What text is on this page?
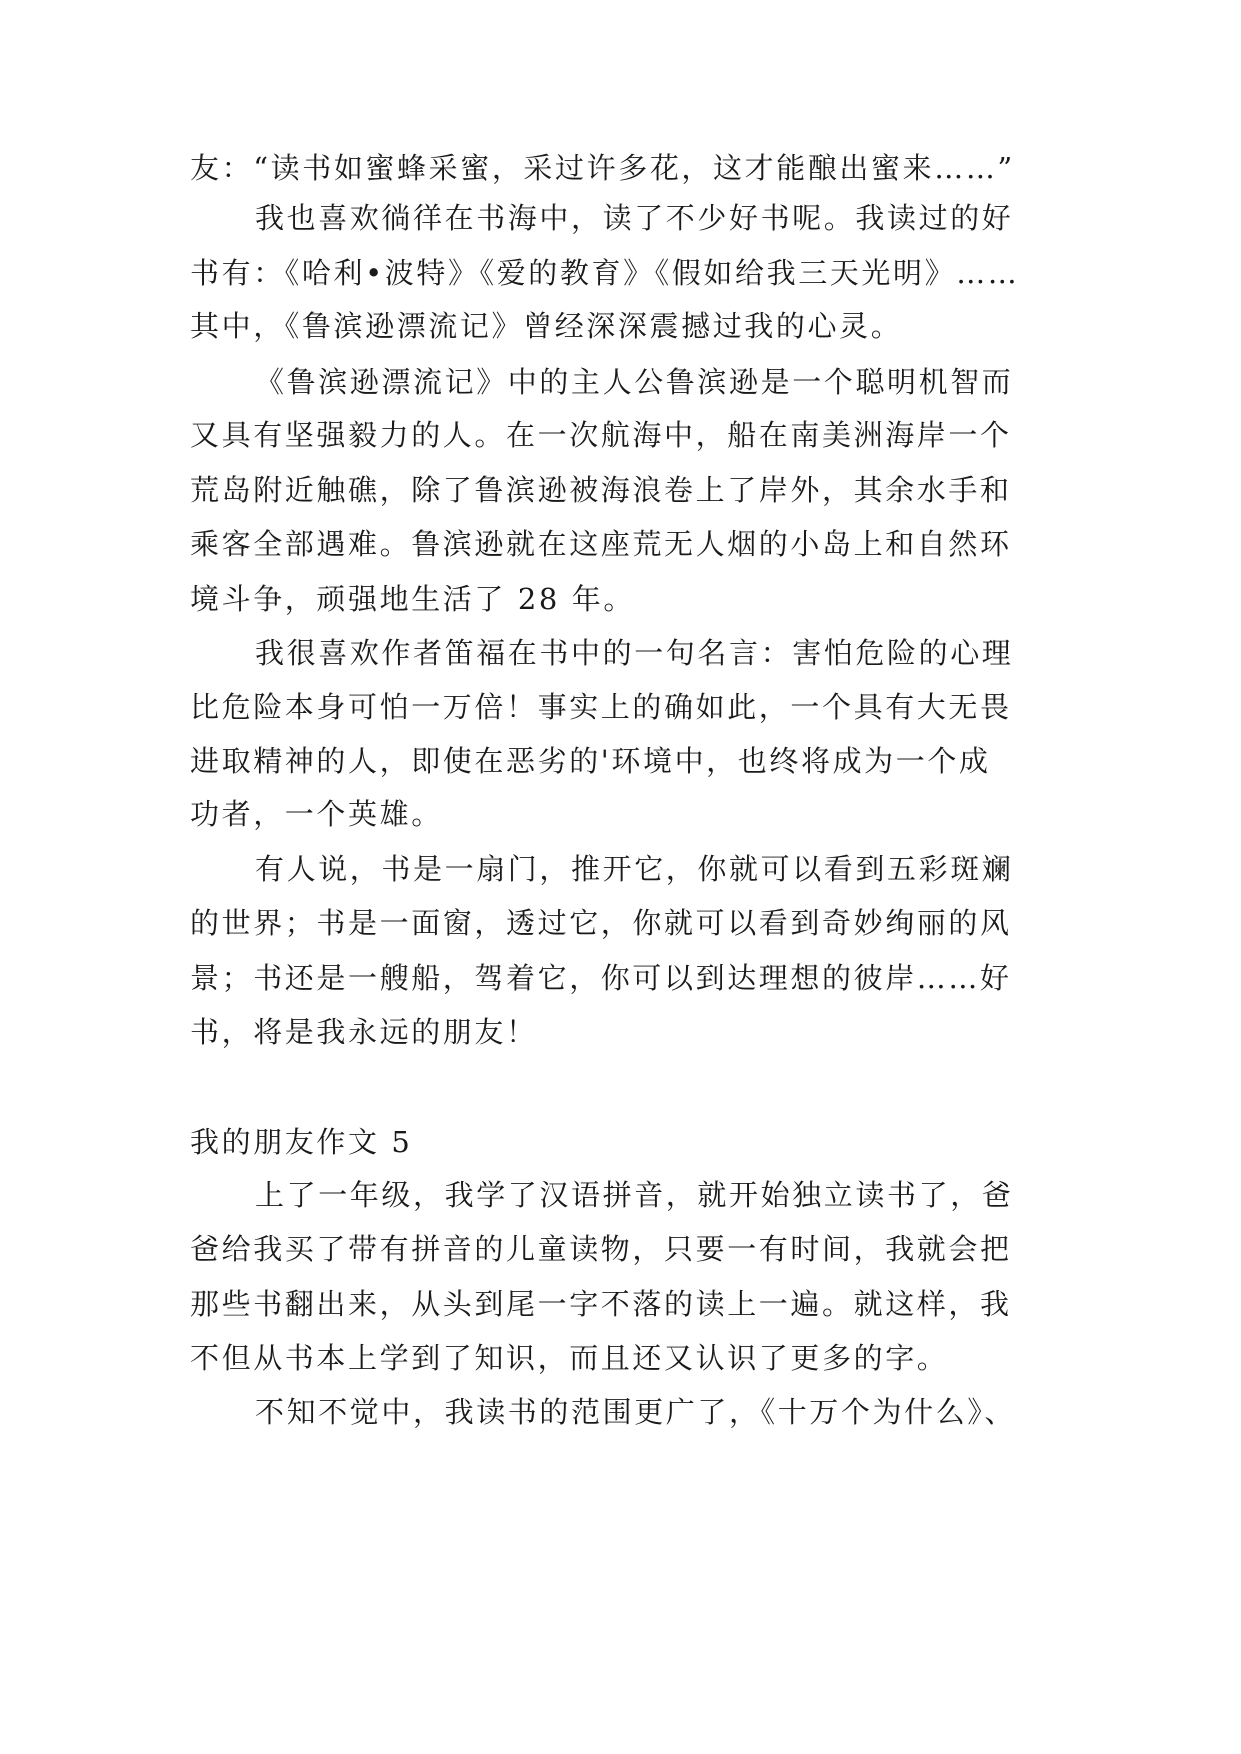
友：“读书如蜜蜂采蜜，采过许多花，这才能酿出蜜来……”
我也喜欢徜徉在书海中，读了不少好书呢。我读过的好
书有：《哈利•波特》《爱的教育》《假如给我三天光明》……
其中，《鲁滨逊漂流记》曾经深深震撼过我的心灵。
《鲁滨逊漂流记》中的主人公鲁滨逊是一个聪明机智而
又具有坚强毅力的人。在一次航海中，船在南美洲海岸一个
荒岛附近触礁，除了鲁滨逊被海浪卷上了岸外，其余水手和
乘客全部遇难。鲁滨逊就在这座荒无人烟的小岛上和自然环
境斗争，顽强地生活了 28 年。
我很喜欢作者笛福在书中的一句名言：害怕危险的心理
比危险本身可怕一万倍！事实上的确如此，一个具有大无畏
进取精神的人，即使在恶劣的'环境中，也终将成为一个成
功者，一个英雄。
有人说，书是一扇门，推开它，你就可以看到五彩斑斓
的世界；书是一面窗，透过它，你就可以看到奇妙绚丽的风
景；书还是一艘船，驾着它，你可以到达理想的彼岸……好
书，将是我永远的朋友！
我的朋友作文 5
上了一年级，我学了汉语拼音，就开始独立读书了，爸
爸给我买了带有拼音的儿童读物，只要一有时间，我就会把
那些书翻出来，从头到尾一字不落的读上一遍。就这样，我
不但从书本上学到了知识，而且还又认识了更多的字。
不知不觉中，我读书的范围更广了，《十万个为什么》、
